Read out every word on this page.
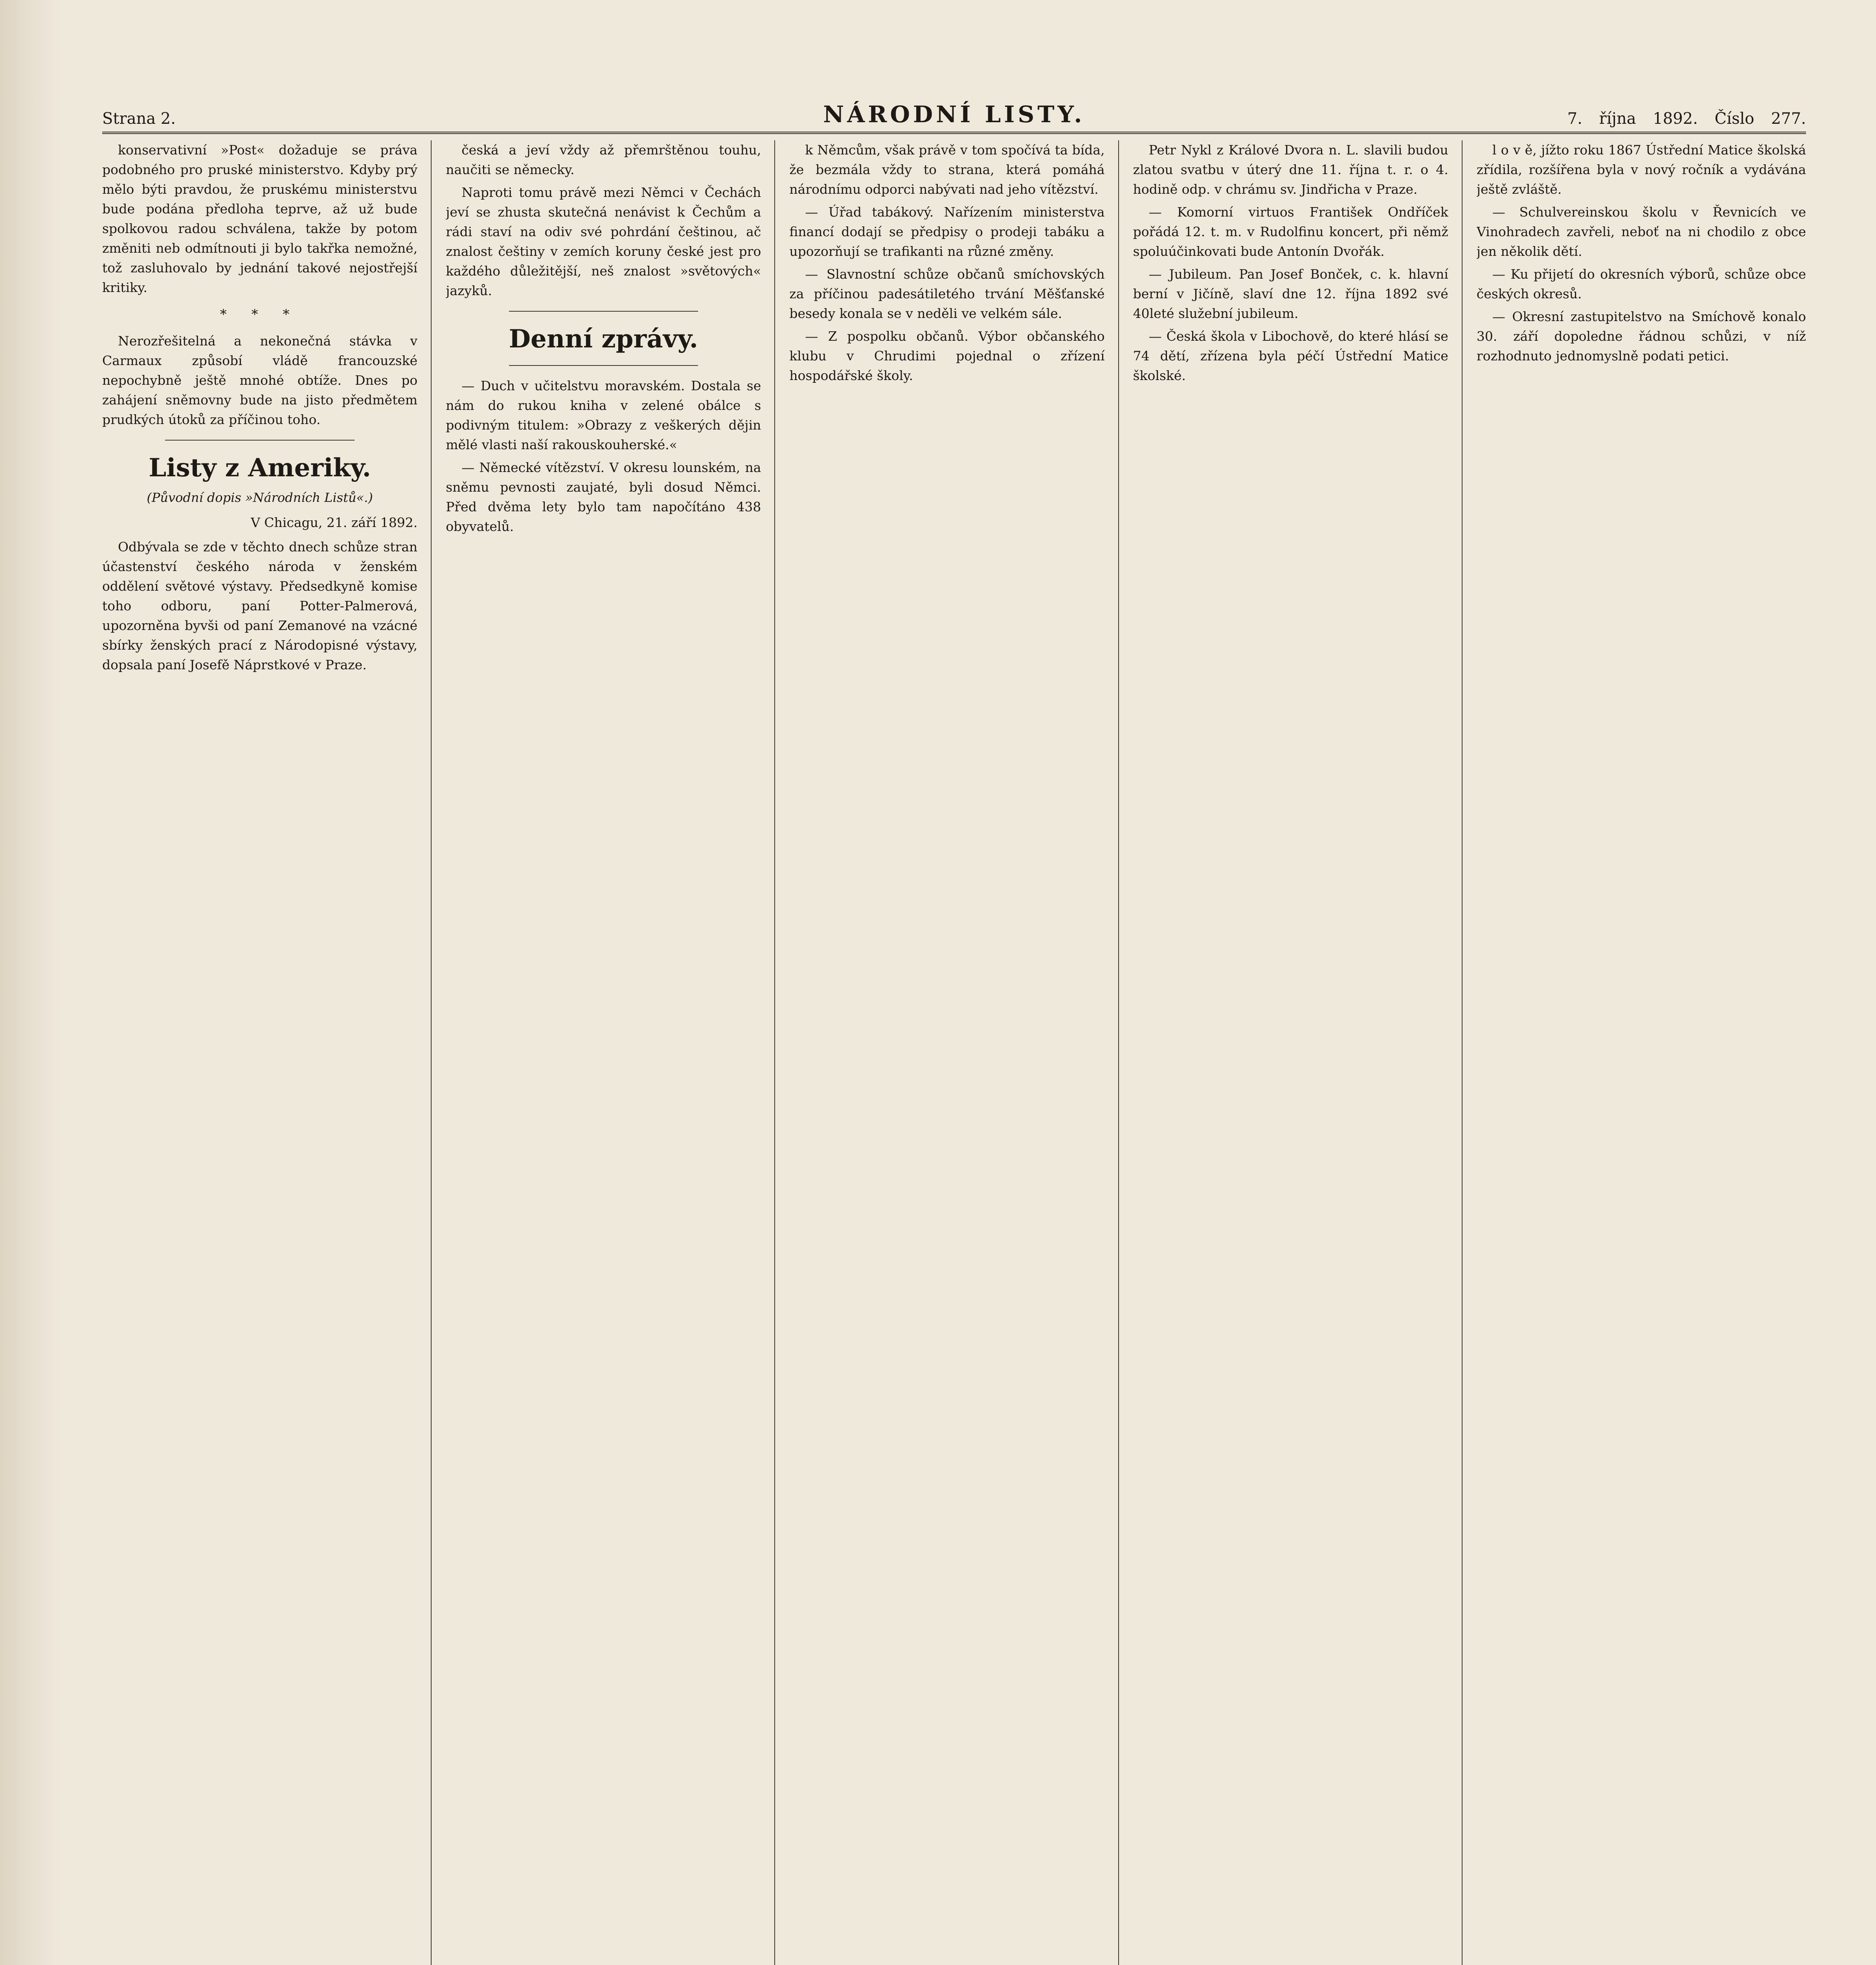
Strana 2.	NÁRODNÍ LISTY.	7. října 1892. Číslo 277.

konservativní »Post« dožaduje se práva podobného pro pruské ministerstvo. Kdyby prý mělo býti pravdou, že pruskému ministerstvu bude podána předloha teprve, až už bude spolkovou radou schválena, takže by potom změniti neb odmítnouti ji bylo takřka nemožné, tož zasluhovalo by jednání takové nejostřejší kritiky.

* * *

Nerozřešitelná a nekonečná stávka v Carmaux způsobí vládě francouzské nepochybně ještě mnohé obtíže. Dnes po zahájení sněmovny bude na jisto předmětem prudkých útoků za příčinou toho.

Listy z Ameriky.
(Původní dopis »Národních Listů«.)
V Chicagu, 21. září 1892.

Odbývala se zde v těchto dnech schůze stran účastenství českého národa v ženském oddělení světové výstavy. Předsedkyně komise toho odboru, paní Potter-Palmerová, upozorněna byvši od paní Zemanové na vzácné sbírky ženských prací z Národopisné výstavy, dopsala paní Josefě Náprstkové v Praze.

česká a jeví vždy až přemrštěnou touhu, naučiti se německy.

Naproti tomu právě mezi Němci v Čechách jeví se zhusta skutečná nenávist k Čechům a rádi staví na odiv své pohrdání češtinou, ač znalost češtiny v zemích koruny české jest pro každého důležitější, neš znalost »světových« jazyků.

Denní zprávy.

— Duch v učitelstvu moravském. Dostala se nám do rukou kniha v zelené obálce s podivným titulem: »Obrazy z veškerých dějin mělé vlasti naší rakouskouherské.«

— Německé vítězství. V okresu lounském, na sněmu pevnosti zaujaté, byli dosud Němci. Před dvěma lety bylo tam napočítáno 438 obyvatelů.

k Němcům, však právě v tom spočívá ta bída, že bezmála vždy to strana, která pomáhá národnímu odporci nabývati nad jeho vítězství.

— Úřad tabákový. Nařízením ministerstva financí dodají se předpisy o prodeji tabáku a upozorňují se trafikanti na různé změny.

— Slavnostní schůze občanů smíchovských za příčinou padesátiletého trvání Měšťanské besedy konala se v neděli ve velkém sále.

— Z pospolku občanů. Výbor občanského klubu v Chrudimi pojednal o zřízení hospodářské školy.

Petr Nykl z Králové Dvora n. L. slavili budou zlatou svatbu v úterý dne 11. října t. r. o 4. hodině odp. v chrámu sv. Jindřicha v Praze.

— Komorní virtuos František Ondříček pořádá 12. t. m. v Rudolfinu koncert, při němž spoluúčinkovati bude Antonín Dvořák.

— Jubileum. Pan Josef Bonček, c. k. hlavní berní v Jičíně, slaví dne 12. října 1892 své 40leté služební jubileum.

— Česká škola v Libochově, do které hlásí se 74 dětí, zřízena byla péčí Ústřední Matice školské.

l o v ě, jížto roku 1867 Ústřední Matice školská zřídila, rozšířena byla v nový ročník a vydávána ještě zvláště.

— Schulvereinskou školu v Řevnicích ve Vinohradech zavřeli, neboť na ni chodilo z obce jen několik dětí.

— Ku přijetí do okresních výborů, schůze obce českých okresů.

— Okresní zastupitelstvo na Smíchově konalo 30. září dopoledne řádnou schůzi, v níž rozhodnuto jednomyslně podati petici.
